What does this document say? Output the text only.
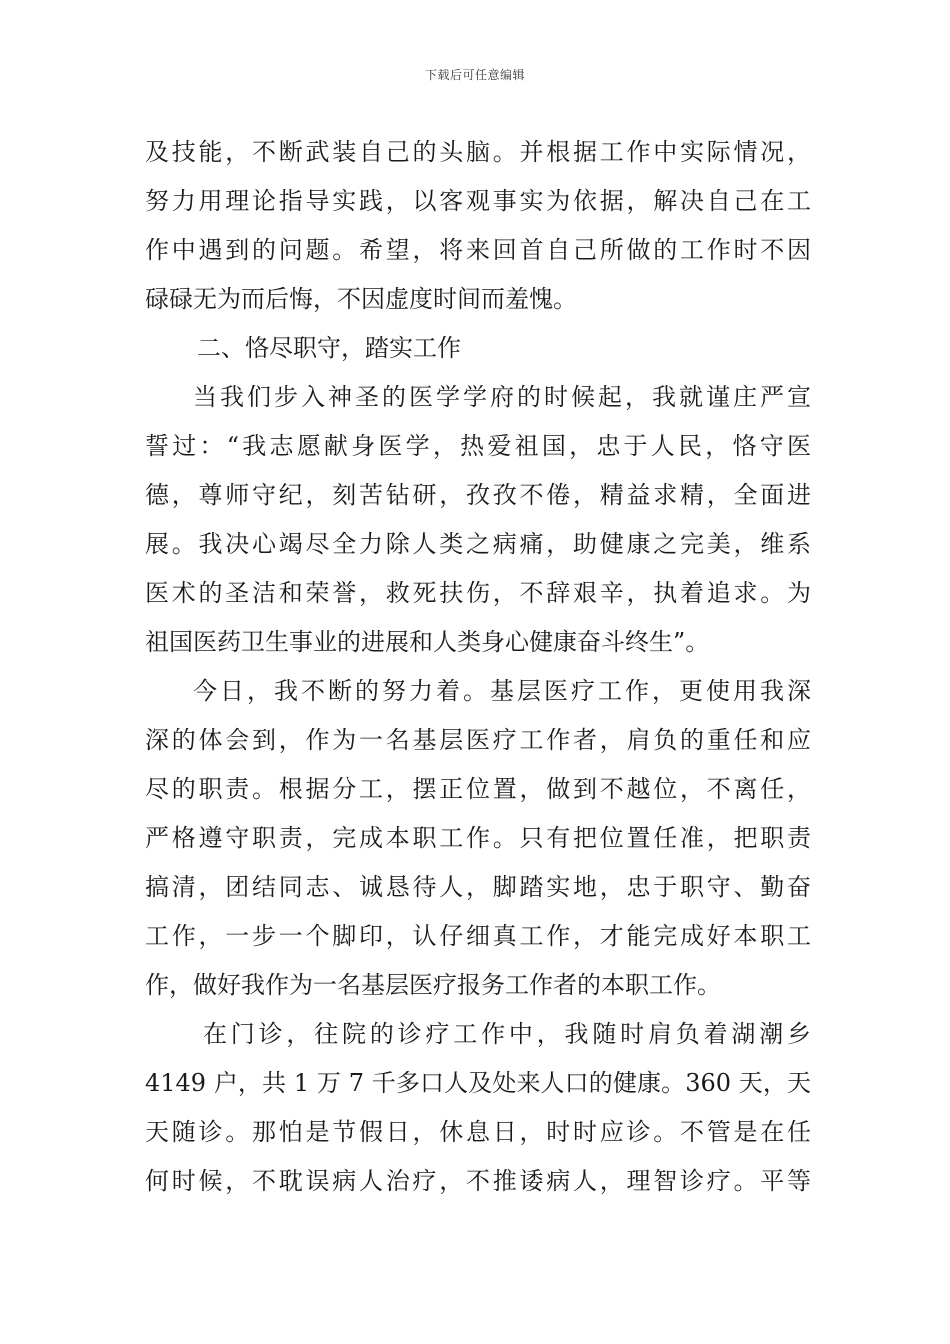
下载后可任意编辑
及技能，不断武装自己的头脑。并根据工作中实际情况，
努力用理论指导实践，以客观事实为依据，解决自己在工
作中遇到的问题。希望，将来回首自己所做的工作时不因
碌碌无为而后悔，不因虚度时间而羞愧。
二、恪尽职守，踏实工作
当我们步入神圣的医学学府的时候起，我就谨庄严宣
誓过：“我志愿献身医学，热爱祖国，忠于人民，恪守医
德，尊师守纪，刻苦钻研，孜孜不倦，精益求精，全面进
展。我决心竭尽全力除人类之病痛，助健康之完美，维系
医术的圣洁和荣誉，救死扶伤，不辞艰辛，执着追求。为
祖国医药卫生事业的进展和人类身心健康奋斗终生”。
今日，我不断的努力着。基层医疗工作，更使用我深
深的体会到，作为一名基层医疗工作者，肩负的重任和应
尽的职责。根据分工，摆正位置，做到不越位，不离任，
严格遵守职责，完成本职工作。只有把位置任准，把职责
搞清，团结同志、诚恳待人，脚踏实地，忠于职守、勤奋
工作，一步一个脚印，认仔细真工作，才能完成好本职工
作，做好我作为一名基层医疗报务工作者的本职工作。
在门诊，往院的诊疗工作中，我随时肩负着湖潮乡
4149 户，共 1 万 7 千多口人及处来人口的健康。360 天，天
天随诊。那怕是节假日，休息日，时时应诊。不管是在任
何时候，不耽误病人治疗，不推诿病人，理智诊疗。平等
